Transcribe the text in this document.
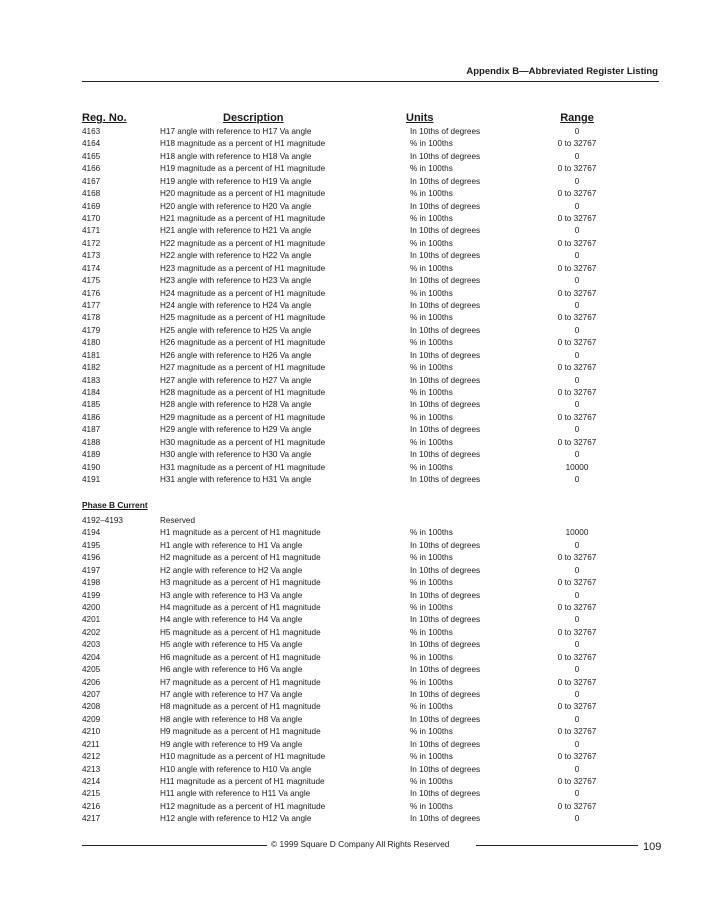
Appendix B—Abbreviated Register Listing
Reg. No.	Description	Units	Range
4163	H17 angle with reference to H17 Va angle	In 10ths of degrees	0
4164	H18 magnitude as a percent of H1 magnitude	% in 100ths	0 to 32767
4165	H18 angle with reference to H18 Va angle	In 10ths of degrees	0
4166	H19 magnitude as a percent of H1 magnitude	% in 100ths	0 to 32767
4167	H19 angle with reference to H19 Va angle	In 10ths of degrees	0
4168	H20 magnitude as a percent of H1 magnitude	% in 100ths	0 to 32767
4169	H20 angle with reference to H20 Va angle	In 10ths of degrees	0
4170	H21 magnitude as a percent of H1 magnitude	% in 100ths	0 to 32767
4171	H21 angle with reference to H21 Va angle	In 10ths of degrees	0
4172	H22 magnitude as a percent of H1 magnitude	% in 100ths	0 to 32767
4173	H22 angle with reference to H22 Va angle	In 10ths of degrees	0
4174	H23 magnitude as a percent of H1 magnitude	% in 100ths	0 to 32767
4175	H23 angle with reference to H23 Va angle	In 10ths of degrees	0
4176	H24 magnitude as a percent of H1 magnitude	% in 100ths	0 to 32767
4177	H24 angle with reference to H24 Va angle	In 10ths of degrees	0
4178	H25 magnitude as a percent of H1 magnitude	% in 100ths	0 to 32767
4179	H25 angle with reference to H25 Va angle	In 10ths of degrees	0
4180	H26 magnitude as a percent of H1 magnitude	% in 100ths	0 to 32767
4181	H26 angle with reference to H26 Va angle	In 10ths of degrees	0
4182	H27 magnitude as a percent of H1 magnitude	% in 100ths	0 to 32767
4183	H27 angle with reference to H27 Va angle	In 10ths of degrees	0
4184	H28 magnitude as a percent of H1 magnitude	% in 100ths	0 to 32767
4185	H28 angle with reference to H28 Va angle	In 10ths of degrees	0
4186	H29 magnitude as a percent of H1 magnitude	% in 100ths	0 to 32767
4187	H29 angle with reference to H29 Va angle	In 10ths of degrees	0
4188	H30 magnitude as a percent of H1 magnitude	% in 100ths	0 to 32767
4189	H30 angle with reference to H30 Va angle	In 10ths of degrees	0
4190	H31 magnitude as a percent of H1 magnitude	% in 100ths	10000
4191	H31 angle with reference to H31 Va angle	In 10ths of degrees	0
Phase B Current
4192–4193	Reserved
4194	H1 magnitude as a percent of H1 magnitude	% in 100ths	10000
4195	H1 angle with reference to H1 Va angle	In 10ths of degrees	0
4196	H2 magnitude as a percent of H1 magnitude	% in 100ths	0 to 32767
4197	H2 angle with reference to H2 Va angle	In 10ths of degrees	0
4198	H3 magnitude as a percent of H1 magnitude	% in 100ths	0 to 32767
4199	H3 angle with reference to H3 Va angle	In 10ths of degrees	0
4200	H4 magnitude as a percent of H1 magnitude	% in 100ths	0 to 32767
4201	H4 angle with reference to H4 Va angle	In 10ths of degrees	0
4202	H5 magnitude as a percent of H1 magnitude	% in 100ths	0 to 32767
4203	H5 angle with reference to H5 Va angle	In 10ths of degrees	0
4204	H6 magnitude as a percent of H1 magnitude	% in 100ths	0 to 32767
4205	H6 angle with reference to H6 Va angle	In 10ths of degrees	0
4206	H7 magnitude as a percent of H1 magnitude	% in 100ths	0 to 32767
4207	H7 angle with reference to H7 Va angle	In 10ths of degrees	0
4208	H8 magnitude as a percent of H1 magnitude	% in 100ths	0 to 32767
4209	H8 angle with reference to H8 Va angle	In 10ths of degrees	0
4210	H9 magnitude as a percent of H1 magnitude	% in 100ths	0 to 32767
4211	H9 angle with reference to H9 Va angle	In 10ths of degrees	0
4212	H10 magnitude as a percent of H1 magnitude	% in 100ths	0 to 32767
4213	H10 angle with reference to H10 Va angle	In 10ths of degrees	0
4214	H11 magnitude as a percent of H1 magnitude	% in 100ths	0 to 32767
4215	H11 angle with reference to H11 Va angle	In 10ths of degrees	0
4216	H12 magnitude as a percent of H1 magnitude	% in 100ths	0 to 32767
4217	H12 angle with reference to H12 Va angle	In 10ths of degrees	0
© 1999 Square D Company All Rights Reserved	109
